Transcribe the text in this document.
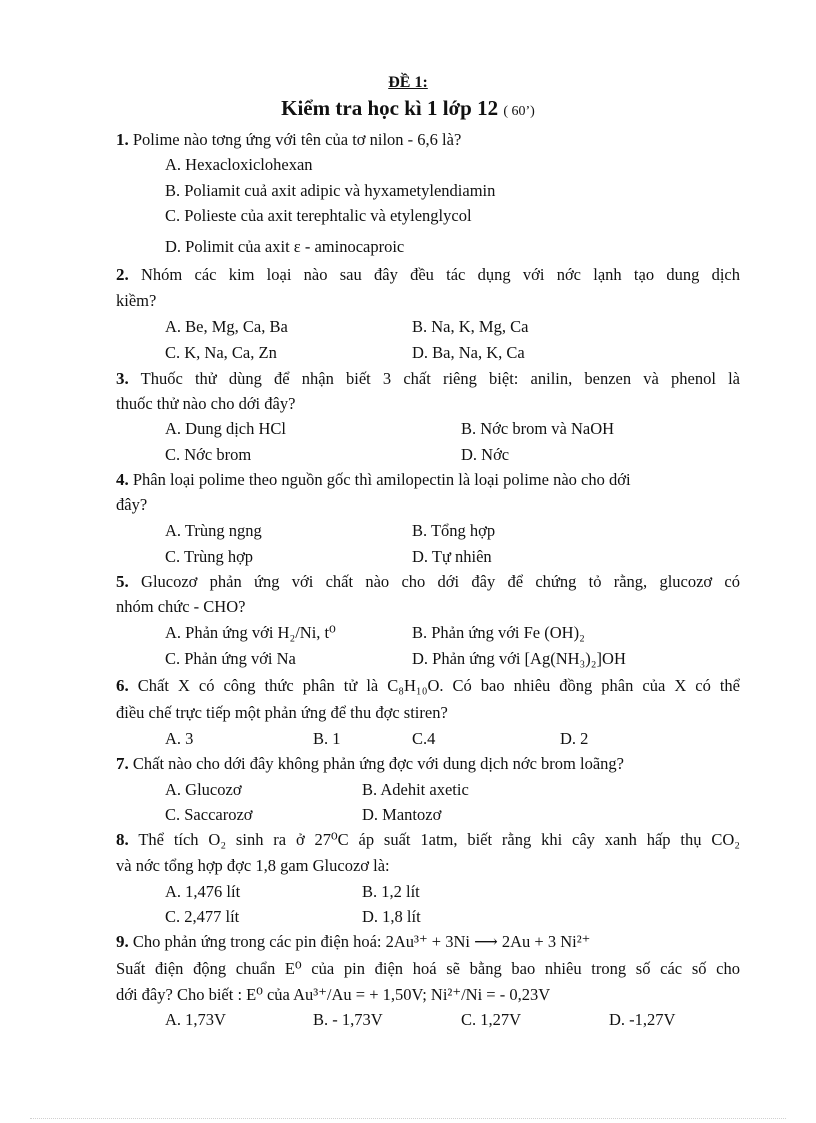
ĐỀ 1:
Kiểm tra học kì 1 lớp 12 ( 60’)
1. Polime nào tơng ứng với tên của tơ nilon - 6,6 là?
A. Hexacloxiclohexan
B. Poliamit cuả axit adipic và hyxametylendiamin
C. Polieste của axit terephtalic và etylenglycol
D. Polimit của axit ε - aminocaproic
2. Nhóm các kim loại nào sau đây đều tác dụng với nớc lạnh tạo dung dịch
kiềm?
A. Be, Mg, Ca, Ba	B. Na, K, Mg, Ca
C. K, Na, Ca, Zn	D. Ba, Na, K, Ca
3. Thuốc thử dùng để nhận biết 3 chất riêng biệt: anilin, benzen và phenol là
thuốc thử nào cho dới đây?
A. Dung dịch HCl	B. Nớc brom và NaOH
C. Nớc brom	D. Nớc
4. Phân loại polime theo nguồn gốc thì amilopectin là loại polime nào cho dới
đây?
A. Trùng ngng	B. Tổng hợp
C. Trùng hợp	D. Tự nhiên
5. Glucozơ phản ứng với chất nào cho dới đây để chứng tỏ rằng, glucozơ có
nhóm chức - CHO?
A. Phản ứng với H₂/Ni, t⁰	B. Phản ứng với Fe (OH)₂
C. Phản ứng với Na	D. Phản ứng với [Ag(NH₃)₂]OH
6. Chất X có công thức phân tử là C₈H₁₀O. Có bao nhiêu đồng phân của X có thể
điều chế trực tiếp một phản ứng để thu đợc stiren?
A. 3	B. 1	C.4	D. 2
7. Chất nào cho dới đây không phản ứng đợc với dung dịch nớc brom loãng?
A. Glucozơ	B. Adehit axetic
C. Saccarozơ	D. Mantozơ
8. Thể tích O₂ sinh ra ở 27⁰C áp suất 1atm, biết rằng khi cây xanh hấp thụ CO₂
và nớc tổng hợp đợc 1,8 gam Glucozơ là:
A. 1,476 lít	B. 1,2 lít
C. 2,477 lít	D. 1,8 lít
9. Cho phản ứng trong các pin điện hoá: 2Au³⁺ + 3Ni ⟶ 2Au + 3 Ni²⁺
Suất điện động chuẩn E⁰ của pin điện hoá sẽ bằng bao nhiêu trong số các số cho
dới đây? Cho biết : E⁰ của Au³⁺/Au = + 1,50V; Ni²⁺/Ni = - 0,23V
A. 1,73V	B. - 1,73V	C. 1,27V	D. -1,27V
